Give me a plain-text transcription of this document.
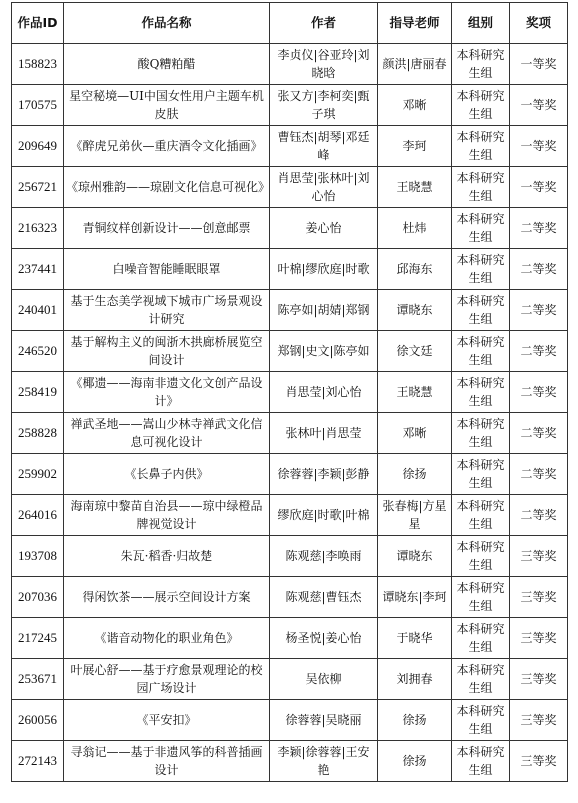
作品ID	作品名称	作者	指导老师	组别	奖项
158823	酸Q糟粕醋	李贞仪|谷亚玲|刘晓晗	颜洪|唐丽春	本科研究生组	一等奖
170575	星空秘境—UI中国女性用户主题车机皮肤	张又方|李柯奕|甄子琪	邓晰	本科研究生组	一等奖
209649	《醉虎兄弟伙—重庆酒令文化插画》	曹钰杰|胡琴|邓廷峰	李珂	本科研究生组	一等奖
256721	《琼州雅韵——琼剧文化信息可视化》	肖思莹|张林叶|刘心怡	王晓慧	本科研究生组	一等奖
216323	青铜纹样创新设计——创意邮票	姜心怡	杜炜	本科研究生组	二等奖
237441	白噪音智能睡眠眼罩	叶棉|缪欣庭|时歌	邱海东	本科研究生组	二等奖
240401	基于生态美学视域下城市广场景观设计研究	陈亭如|胡婧|郑钢	谭晓东	本科研究生组	二等奖
246520	基于解构主义的闽浙木拱廊桥展览空间设计	郑钢|史文|陈亭如	徐文廷	本科研究生组	二等奖
258419	《椰遗——海南非遗文化文创产品设计》	肖思莹|刘心怡	王晓慧	本科研究生组	二等奖
258828	禅武圣地——嵩山少林寺禅武文化信息可视化设计	张林叶|肖思莹	邓晰	本科研究生组	二等奖
259902	《长鼻子内供》	徐蓉蓉|李颖|彭静	徐扬	本科研究生组	二等奖
264016	海南琼中黎苗自治县——琼中绿橙品牌视觉设计	缪欣庭|时歌|叶棉	张春梅|方星星	本科研究生组	二等奖
193708	朱瓦·稻香·归故楚	陈观慈|李唤雨	谭晓东	本科研究生组	三等奖
207036	得闲饮茶——展示空间设计方案	陈观慈|曹钰杰	谭晓东|李珂	本科研究生组	三等奖
217245	《谐音动物化的职业角色》	杨圣悦|姜心怡	于晓华	本科研究生组	三等奖
253671	叶展心舒——基于疗愈景观理论的校园广场设计	吴依柳	刘拥春	本科研究生组	三等奖
260056	《平安扣》	徐蓉蓉|吴晓丽	徐扬	本科研究生组	三等奖
272143	寻翁记——基于非遗风筝的科普插画设计	李颖|徐蓉蓉|王安艳	徐扬	本科研究生组	三等奖
